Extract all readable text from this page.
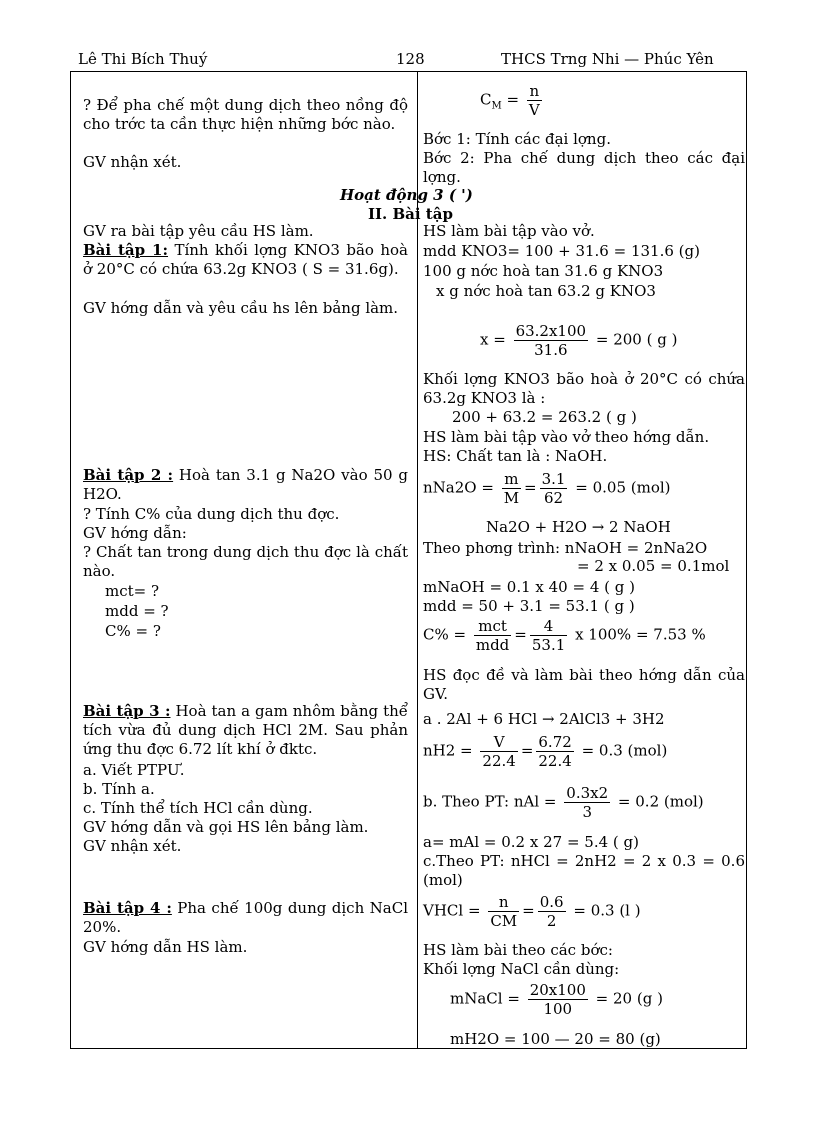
Lê Thi Bích Thuý	128	THCS Trng Nhi — Phúc Yên
? Để pha chế một dung dịch theo nồng độ cho trớc ta cần thực hiện những bớc nào.
GV nhận xét.
$C_M = \frac{n}{V}$
Bớc 1: Tính các đại lợng.
Bớc 2: Pha chế dung dịch theo các đại lợng.
Hoạt động 3 ( ')
II. Bài tập
GV ra bài tập yêu cầu HS làm.
Bài tập 1: Tính khối lợng KNO3 bão hoà ở 20°C có chứa 63.2g KNO3 ( S = 31.6g).
GV hớng dẫn và yêu cầu hs lên bảng làm.
HS làm bài tập vào vở.
mdd KNO3= 100 + 31.6 = 131.6 (g)
100 g nớc hoà tan 31.6 g KNO3
x g nớc hoà tan 63.2 g KNO3
$x = \frac{63.2x100}{31.6} = 200$ ( g )
Khối lợng KNO3 bão hoà ở 20°C có chứa 63.2g KNO3 là :
200 + 63.2 = 263.2 ( g )
Bài tập 2 : Hoà tan 3.1 g Na2O vào 50 g H2O.
? Tính C% của dung dịch thu đợc.
GV hớng dẫn:
? Chất tan trong dung dịch thu đợc là chất nào.
mct= ?
mdd = ?
C% = ?
HS làm bài tập vào vở theo hớng dẫn.
HS: Chất tan là : NaOH.
$nNa2O = \frac{m}{M} = \frac{3.1}{62} = 0.05$ (mol)
Na2O + H2O → 2 NaOH
Theo phơng trình: nNaOH = 2nNa2O
= 2 x 0.05 = 0.1mol
mNaOH = 0.1 x 40 = 4 ( g )
mdd = 50 + 3.1 = 53.1 ( g )
$C\% = \frac{\text{mct}}{\text{mdd}} = \frac{4}{53.1}$ x 100% = 7.53 %
HS đọc đề và làm bài theo hớng dẫn của GV.
Bài tập 3 : Hoà tan a gam nhôm bằng thể tích vừa đủ dung dịch HCl 2M. Sau phản ứng thu đợc 6.72 lít khí ở đktc.
a. Viết PTPƯ.
b. Tính a.
c. Tính thể tích HCl cần dùng.
GV hớng dẫn và gọi HS lên bảng làm.
GV nhận xét.
a . 2Al + 6 HCl → 2AlCl3 + 3H2
$nH2 = \frac{V}{22.4} = \frac{6.72}{22.4} = 0.3$ (mol)
b. Theo PT: nAl = $\frac{0.3x2}{3} = 0.2$ (mol)
a= mAl = 0.2 x 27 = 5.4 ( g)
c.Theo PT: nHCl = 2nH2 = 2 x 0.3 = 0.6 (mol)
VHCl = $\frac{n}{CM} = \frac{0.6}{2} = 0.3$ (l )
Bài tập 4 : Pha chế 100g dung dịch NaCl 20%.
GV hớng dẫn HS làm.	HS làm bài theo các bớc:
Khối lợng NaCl cần dùng:
mNaCl = $\frac{20x100}{100} = 20$ (g )
mH2O = 100 — 20 = 80 (g)
